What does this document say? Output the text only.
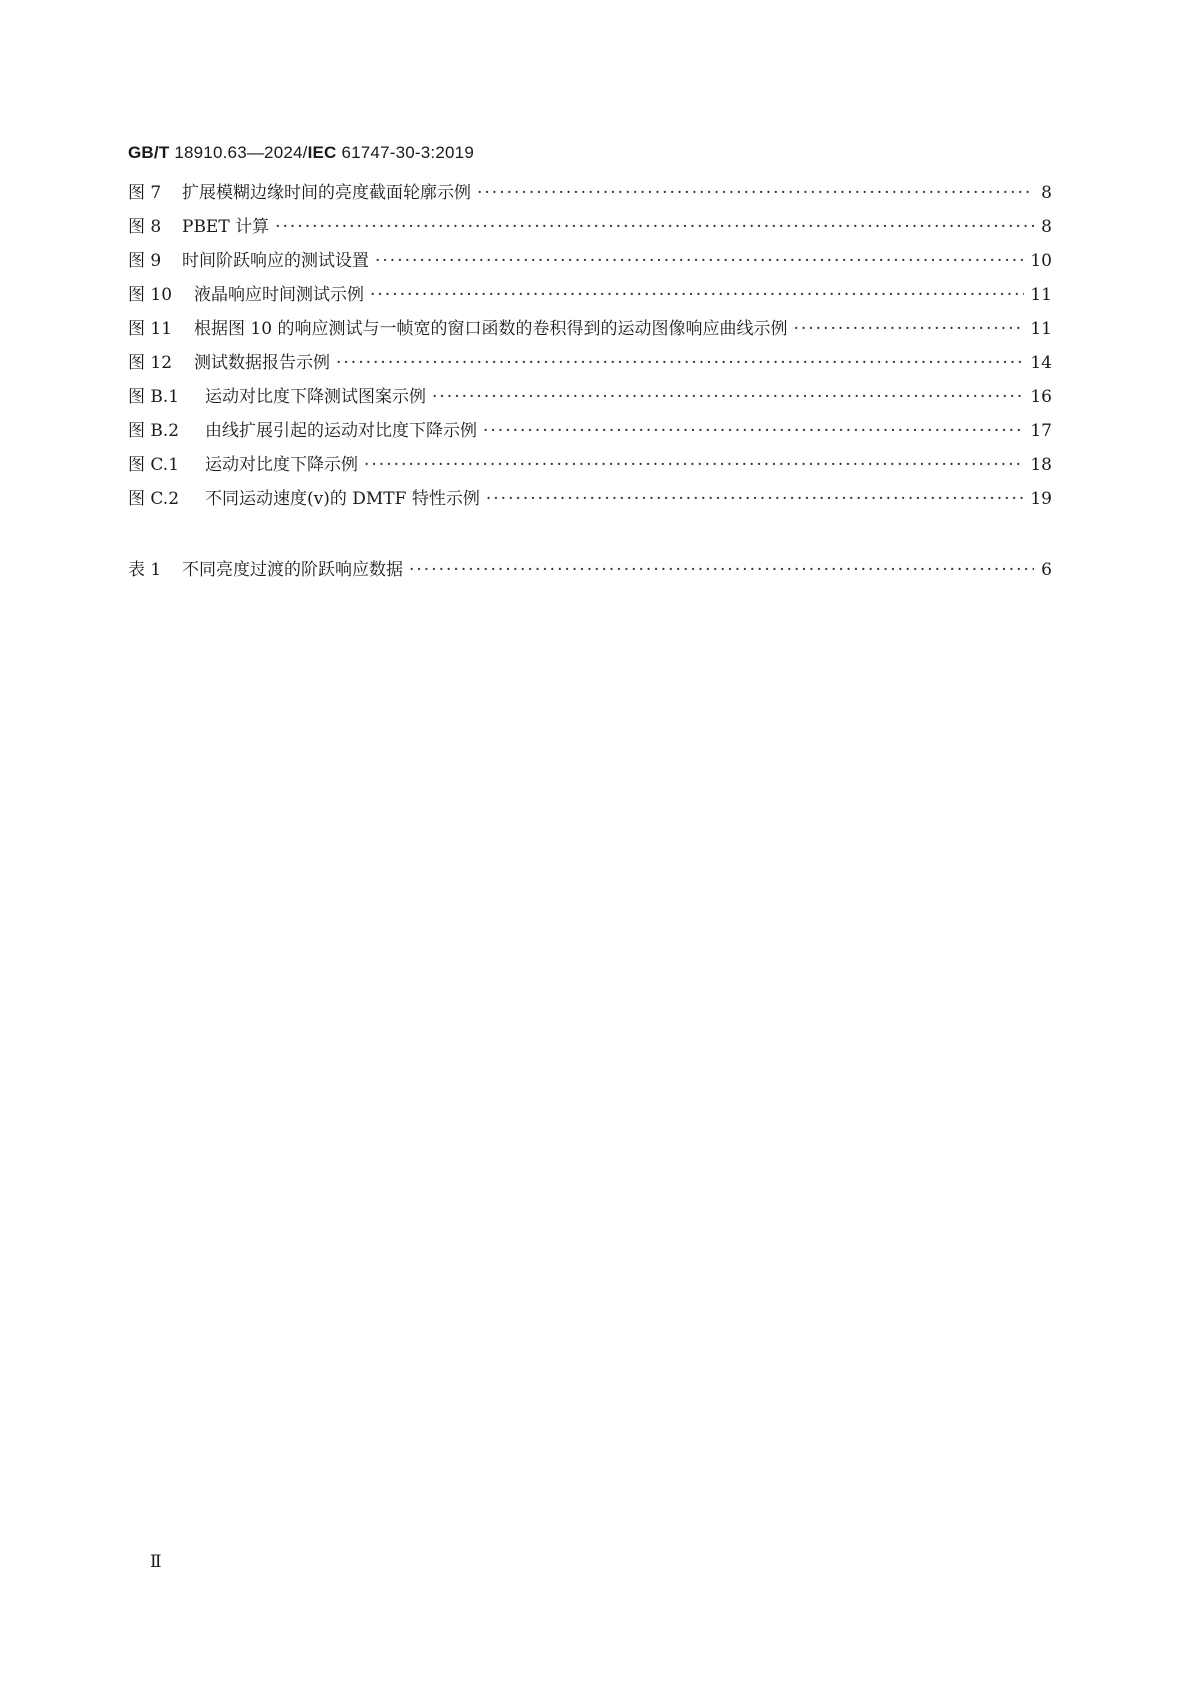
GB/T 18910.63—2024/IEC 61747-30-3:2019
图 7 扩展模糊边缘时间的亮度截面轮廓示例 ·····	8
图 8 PBET 计算 ·····	8
图 9 时间阶跃响应的测试设置 ·····	10
图 10 液晶响应时间测试示例 ·····	11
图 11 根据图 10 的响应测试与一帧宽的窗口函数的卷积得到的运动图像响应曲线示例 ·····	11
图 12 测试数据报告示例 ·····	14
图 B.1 运动对比度下降测试图案示例 ·····	16
图 B.2 由线扩展引起的运动对比度下降示例 ·····	17
图 C.1 运动对比度下降示例 ·····	18
图 C.2 不同运动速度(v)的 DMTF 特性示例 ·····	19
表 1 不同亮度过渡的阶跃响应数据 ·····	6
Ⅱ
